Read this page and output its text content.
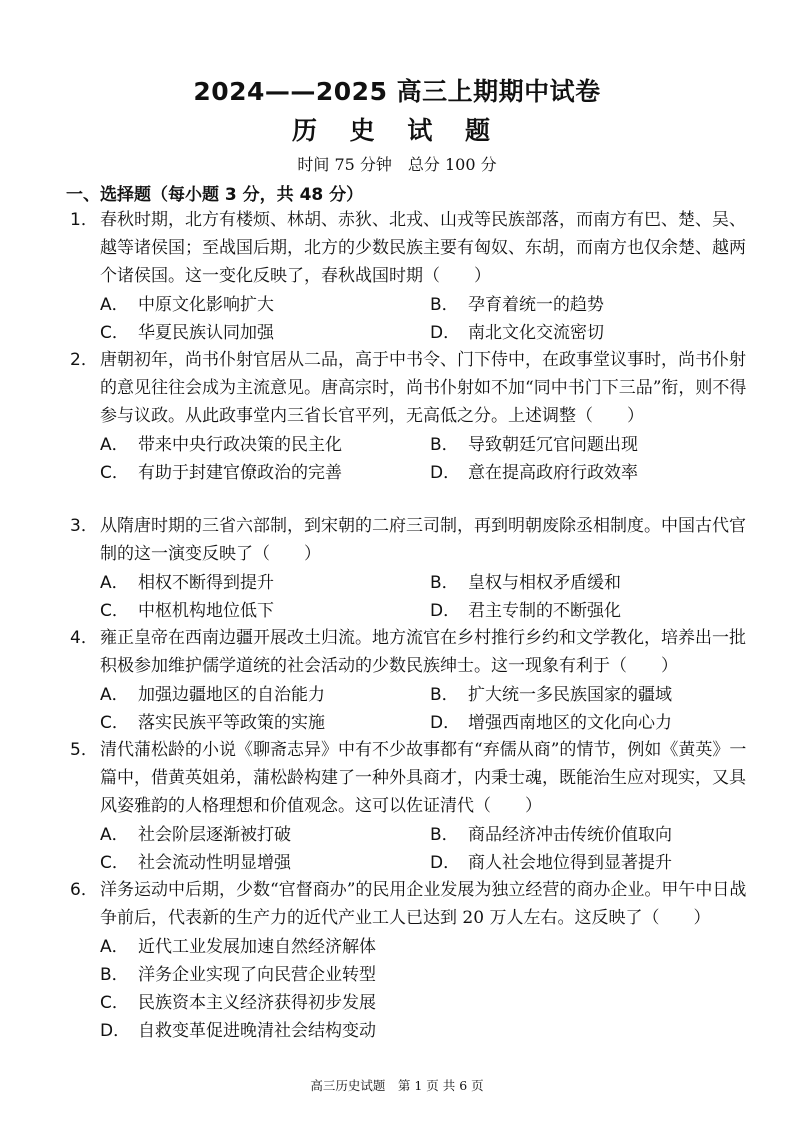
2024——2025 高三上期期中试卷
历 史 试 题
时间 75 分钟　总分 100 分
一、选择题（每小题 3 分，共 48 分）
1． 春秋时期，北方有楼烦、林胡、赤狄、北戎、山戎等民族部落，而南方有巴、楚、吴、越等诸侯国；至战国后期，北方的少数民族主要有匈奴、东胡，而南方也仅余楚、越两个诸侯国。这一变化反映了，春秋战国时期（　　）
A． 中原文化影响扩大	B． 孕育着统一的趋势
C． 华夏民族认同加强	D． 南北文化交流密切
2． 唐朝初年，尚书仆射官居从二品，高于中书令、门下侍中，在政事堂议事时，尚书仆射的意见往往会成为主流意见。唐高宗时，尚书仆射如不加“同中书门下三品”衔，则不得参与议政。从此政事堂内三省长官平列，无高低之分。上述调整（　　）
A． 带来中央行政决策的民主化	B． 导致朝廷冗官问题出现
C． 有助于封建官僚政治的完善	D． 意在提高政府行政效率
3． 从隋唐时期的三省六部制，到宋朝的二府三司制，再到明朝废除丞相制度。中国古代官制的这一演变反映了（　　）
A． 相权不断得到提升	B． 皇权与相权矛盾缓和
C． 中枢机构地位低下	D． 君主专制的不断强化
4． 雍正皇帝在西南边疆开展改土归流。地方流官在乡村推行乡约和文学教化，培养出一批积极参加维护儒学道统的社会活动的少数民族绅士。这一现象有利于（　　）
A． 加强边疆地区的自治能力	B． 扩大统一多民族国家的疆域
C． 落实民族平等政策的实施	D． 增强西南地区的文化向心力
5． 清代蒲松龄的小说《聊斋志异》中有不少故事都有“弃儒从商”的情节，例如《黄英》一篇中，借黄英姐弟，蒲松龄构建了一种外具商才，内秉士魂，既能治生应对现实，又具风姿雅韵的人格理想和价值观念。这可以佐证清代（　　）
A． 社会阶层逐渐被打破	B． 商品经济冲击传统价值取向
C． 社会流动性明显增强	D． 商人社会地位得到显著提升
6． 洋务运动中后期，少数“官督商办”的民用企业发展为独立经营的商办企业。甲午中日战争前后，代表新的生产力的近代产业工人已达到 20 万人左右。这反映了（　　）
A． 近代工业发展加速自然经济解体
B． 洋务企业实现了向民营企业转型
C． 民族资本主义经济获得初步发展
D． 自救变革促进晚清社会结构变动
高三历史试题　第 1 页 共 6 页
